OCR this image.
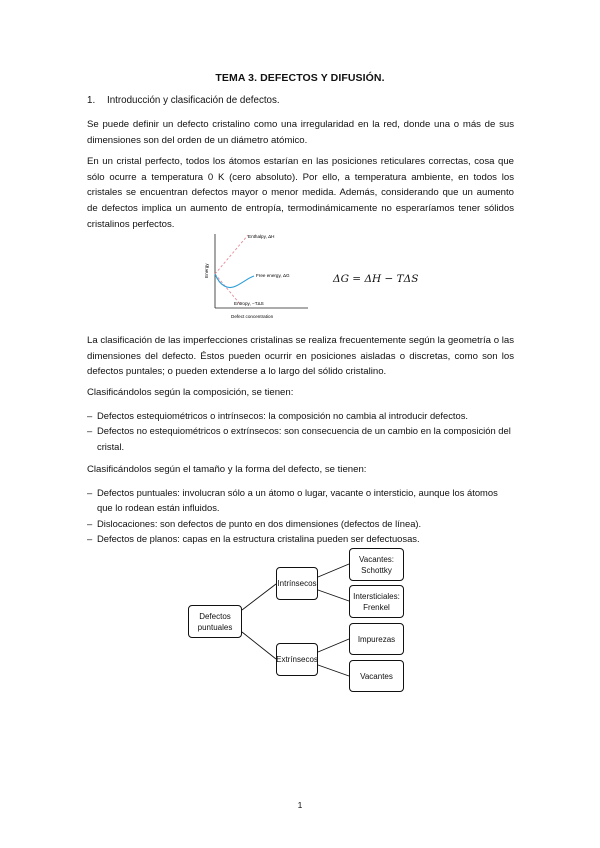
TEMA 3. DEFECTOS Y DIFUSIÓN.
1. Introducción y clasificación de defectos.

Se puede definir un defecto cristalino como una irregularidad en la red, donde una o más de sus dimensiones son del orden de un diámetro atómico.

En un cristal perfecto, todos los átomos estarían en las posiciones reticulares correctas, cosa que sólo ocurre a temperatura 0 K (cero absoluto). Por ello, a temperatura ambiente, en todos los cristales se encuentran defectos mayor o menor medida. Además, considerando que un aumento de defectos implica un aumento de entropía, termodinámicamente no esperaríamos tener sólidos cristalinos perfectos.

Energy
Enthalpy, ΔH
Free energy, ΔG
Entropy, −TΔS
Defect concentration
ΔG = ΔH − TΔS

La clasificación de las imperfecciones cristalinas se realiza frecuentemente según la geometría o las dimensiones del defecto. Éstos pueden ocurrir en posiciones aisladas o discretas, como son los defectos puntales; o pueden extenderse a lo largo del sólido cristalino.

Clasificándolos según la composición, se tienen:

– Defectos estequiométricos o intrínsecos: la composición no cambia al introducir defectos.
– Defectos no estequiométricos o extrínsecos: son consecuencia de un cambio en la composición del cristal.

Clasificándolos según el tamaño y la forma del defecto, se tienen:

– Defectos puntuales: involucran sólo a un átomo o lugar, vacante o intersticio, aunque los átomos que lo rodean están influidos.
– Dislocaciones: son defectos de punto en dos dimensiones (defectos de línea).
– Defectos de planos: capas en la estructura cristalina pueden ser defectuosas.
Defectos puntuales
Intrínsecos
Extrínsecos
Vacantes: Schottky
Intersticiales: Frenkel
Impurezas
Vacantes
1
